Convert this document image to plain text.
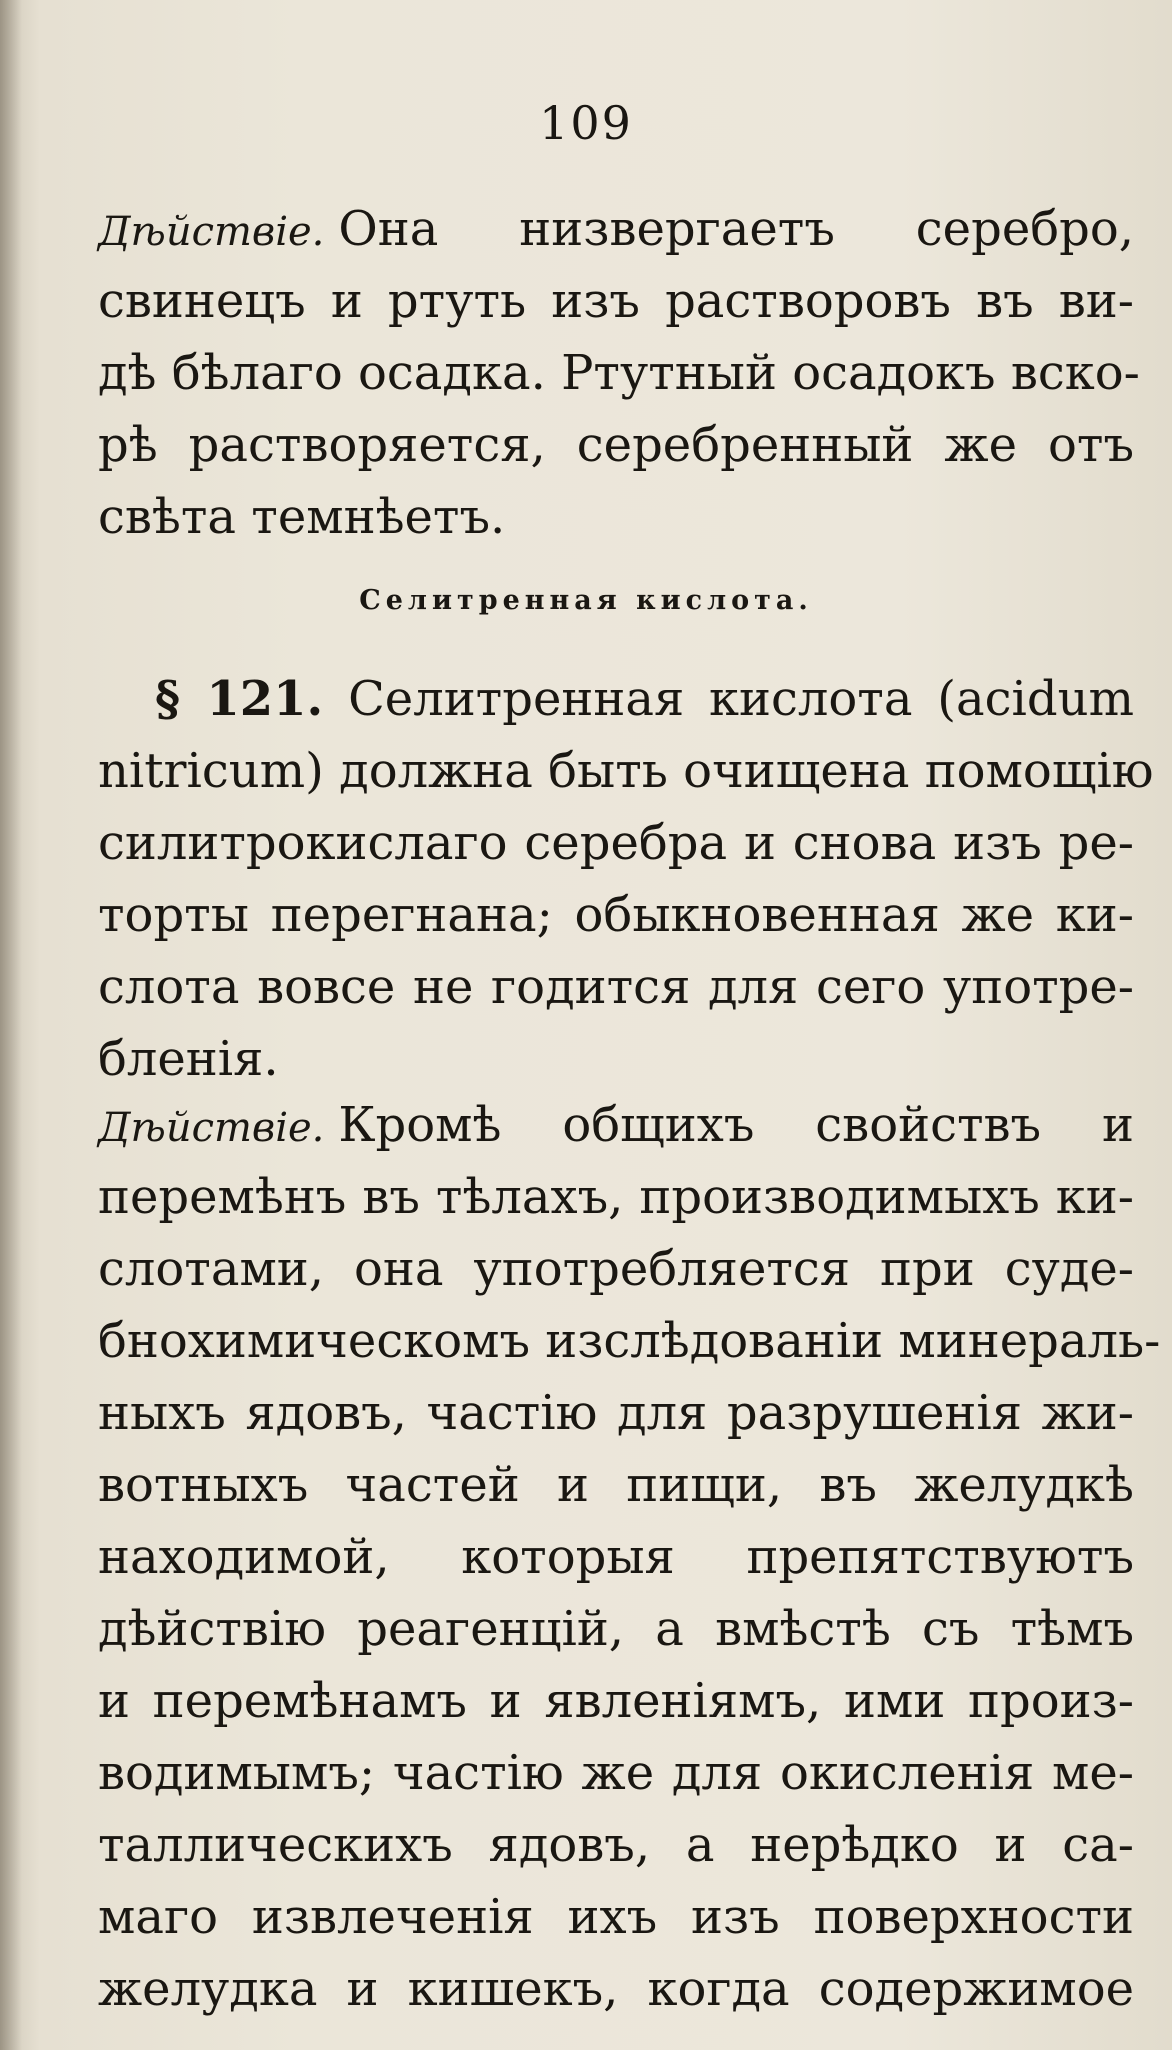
109
Дѣйствіе. Она низвергаетъ серебро,
свинецъ и ртуть изъ растворовъ въ ви-
дѣ бѣлаго осадка. Ртутный осадокъ вско-
рѣ растворяется, серебренный же отъ
свѣта темнѣетъ.
Селитренная кислота.
§ 121. Селитренная кислота (acidum
nitricum) должна быть очищена помощію
силитрокислаго серебра и снова изъ ре-
торты перегнана; обыкновенная же ки-
слота вовсе не годится для сего употре-
бленія.
Дѣйствіе. Кромѣ общихъ свойствъ и
перемѣнъ въ тѣлахъ, производимыхъ ки-
слотами, она употребляется при суде-
бнохимическомъ изслѣдованіи минераль-
ныхъ ядовъ, частію для разрушенія жи-
вотныхъ частей и пищи, въ желудкѣ
находимой, которыя препятствуютъ
дѣйствію реагенцій, а вмѣстѣ съ тѣмъ
и перемѣнамъ и явленіямъ, ими произ-
водимымъ; частію же для окисленія ме-
таллическихъ ядовъ, а нерѣдко и са-
маго извлеченія ихъ изъ поверхности
желудка и кишекъ, когда содержимое
